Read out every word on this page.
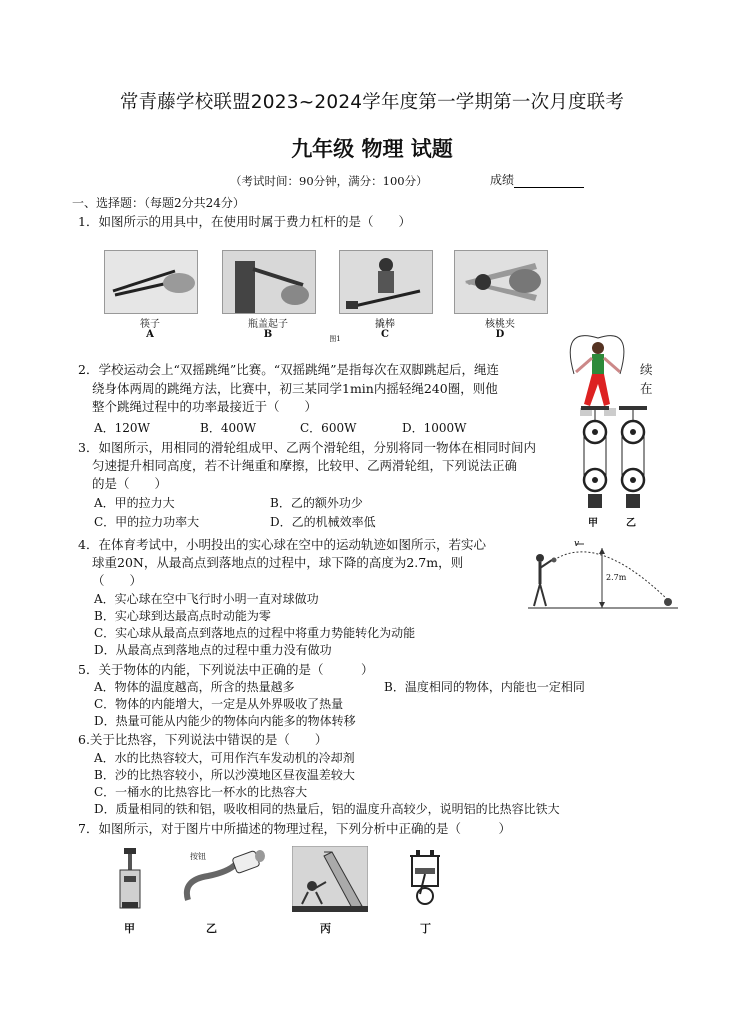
常青藤学校联盟2023~2024学年度第一学期第一次月度联考
九年级 物理 试题
（考试时间：90分钟，满分：100分）	成绩
一、选择题：（每题2分共24分）
1．如图所示的用具中，在使用时属于费力杠杆的是（　　）
筷子
A
瓶盖起子
B
撬棒
C
核桃夹
D
图1
2．学校运动会上“双摇跳绳”比赛。“双摇跳绳”是指每次在双脚跳起后，绳连	续
绕身体两周的跳绳方法，比赛中，初三某同学1min内摇轻绳240圈，则他	在
整个跳绳过程中的功率最接近于（　　）
A．120W	B．400W	C．600W	D．1000W
3．如图所示，用相同的滑轮组成甲、乙两个滑轮组，分别将同一物体在相同时间内
匀速提升相同高度，若不计绳重和摩擦，比较甲、乙两滑轮组，下列说法正确
的是（　　）
A．甲的拉力大	B．乙的额外功少
C．甲的拉力功率大	D．乙的机械效率低	甲	乙
4．在体育考试中，小明投出的实心球在空中的运动轨迹如图所示，若实心
球重20N，从最高点到落地点的过程中，球下降的高度为2.7m，则
（　　）
A．实心球在空中飞行时小明一直对球做功
B．实心球到达最高点时动能为零
C．实心球从最高点到落地点的过程中将重力势能转化为动能
D．从最高点到落地点的过程中重力没有做功
v
2.7m
5．关于物体的内能，下列说法中正确的是（　　　）
A．物体的温度越高，所含的热量越多	B．温度相同的物体，内能也一定相同
C．物体的内能增大，一定是从外界吸收了热量
D．热量可能从内能少的物体向内能多的物体转移
6.关于比热容，下列说法中错误的是（　　）
A．水的比热容较大，可用作汽车发动机的冷却剂
B．沙的比热容较小，所以沙漠地区昼夜温差较大
C．一桶水的比热容比一杯水的比热容大
D．质量相同的铁和铝，吸收相同的热量后，铝的温度升高较少，说明铝的比热容比铁大
7．如图所示，对于图片中所描述的物理过程，下列分析中正确的是（　　　）
按钮
甲	乙	丙	丁
